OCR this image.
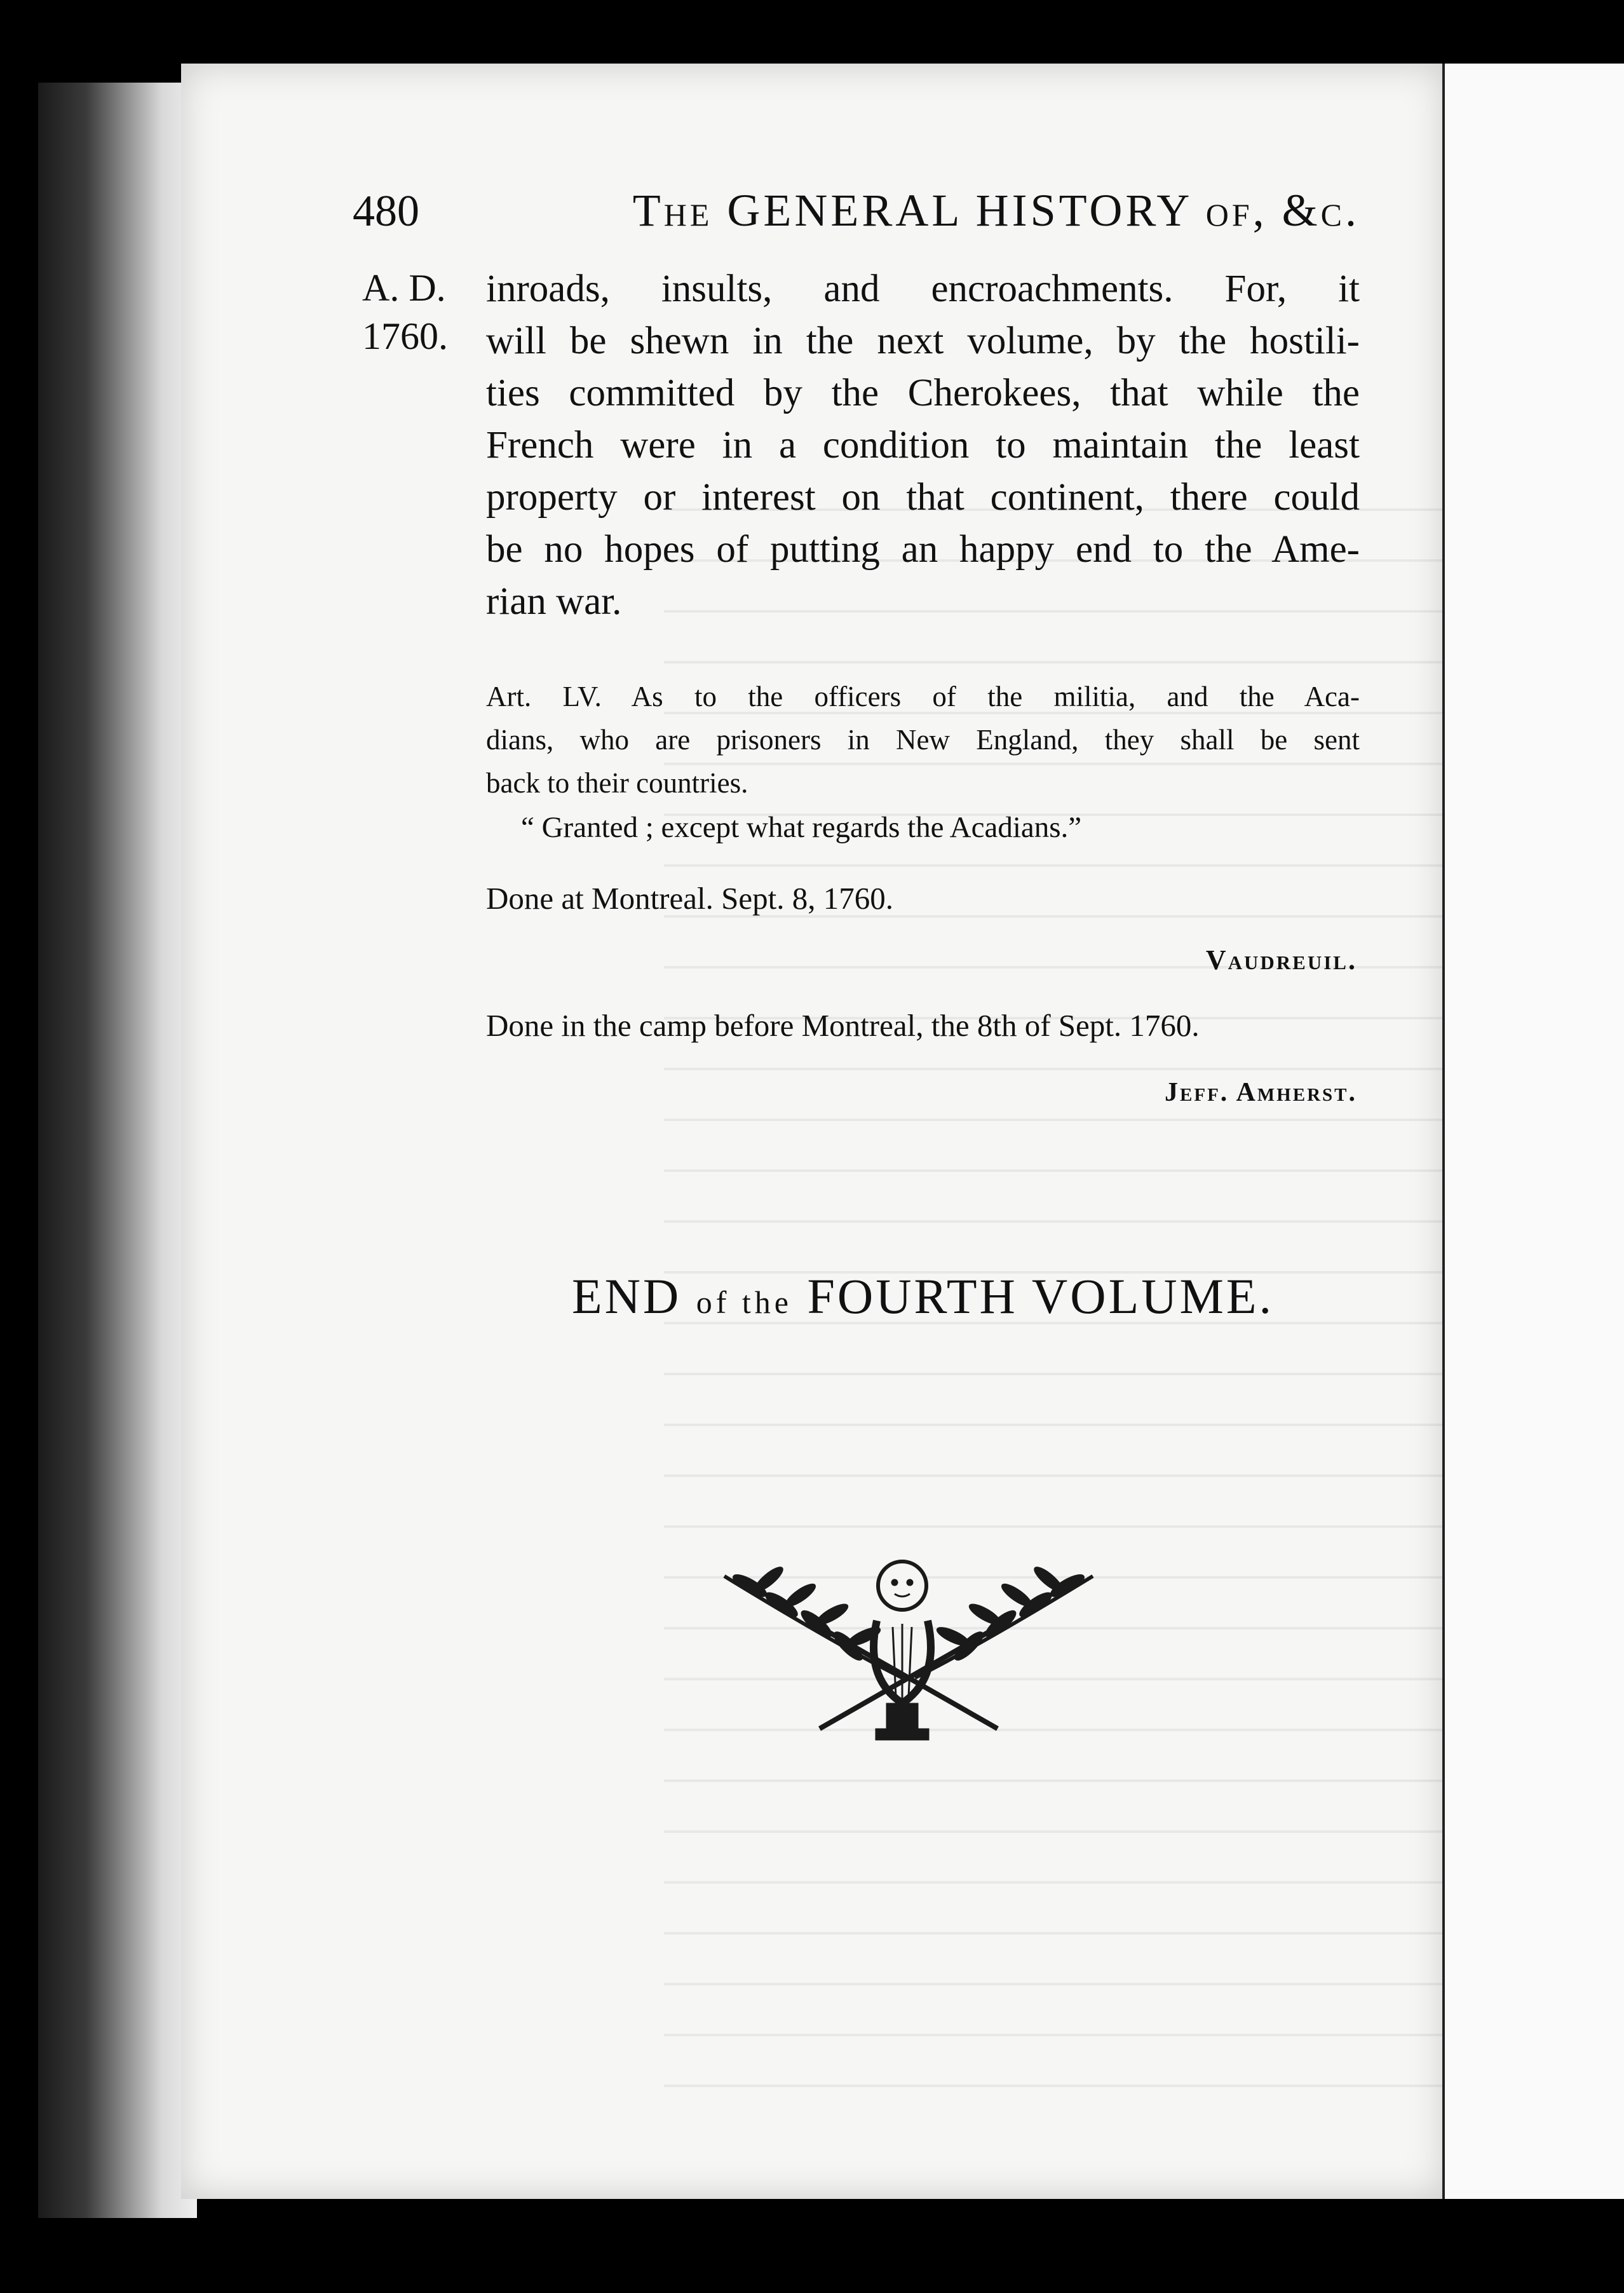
480	The GENERAL HISTORY of, &c.
A. D.
1760.
inroads, insults, and encroachments. For, it
will be shewn in the next volume, by the hostili-
ties committed by the Cherokees, that while the
French were in a condition to maintain the least
property or interest on that continent, there could
be no hopes of putting an happy end to the Ame-
rian war.
Art. LV. As to the officers of the militia, and the Aca-
dians, who are prisoners in New England, they shall be sent
back to their countries.
“ Granted ; except what regards the Acadians.”
Done at Montreal. Sept. 8, 1760.
Vaudreuil.
Done in the camp before Montreal, the 8th of Sept. 1760.
Jeff. Amherst.
END of the FOURTH VOLUME.
